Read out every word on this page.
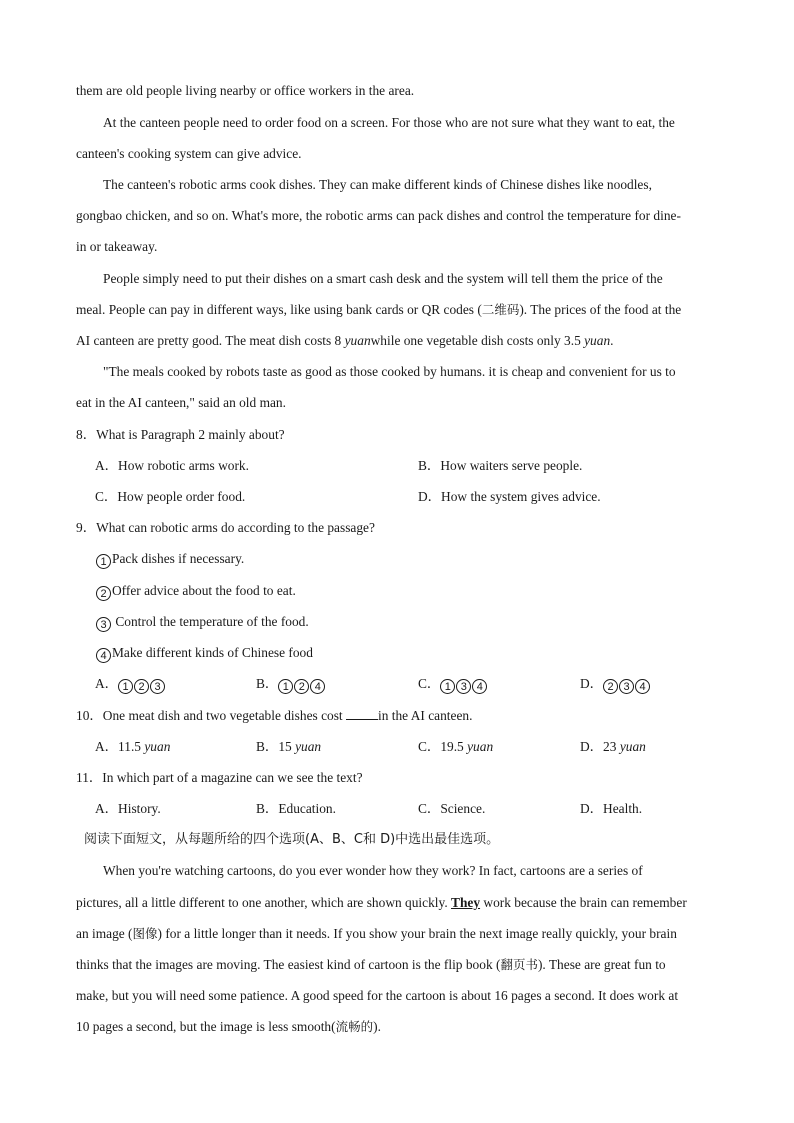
them are old people living nearby or office workers in the area.
At the canteen people need to order food on a screen. For those who are not sure what they want to eat, the
canteen's cooking system can give advice.
The canteen's robotic arms cook dishes. They can make different kinds of Chinese dishes like noodles,
gongbao chicken, and so on. What's more, the robotic arms can pack dishes and control the temperature for dine-
in or takeaway.
People simply need to put their dishes on a smart cash desk and the system will tell them the price of the
meal. People can pay in different ways, like using bank cards or QR codes (二维码). The prices of the food at the
AI canteen are pretty good. The meat dish costs 8 yuanwhile one vegetable dish costs only 3.5 yuan.
"The meals cooked by robots taste as good as those cooked by humans. it is cheap and convenient for us to
eat in the AI canteen," said an old man.
8．What is Paragraph 2 mainly about?
A．How robotic arms work.	B．How waiters serve people.
C．How people order food.	D．How the system gives advice.
9．What can robotic arms do according to the passage?
1 Pack dishes if necessary.
2 Offer advice about the food to eat.
3 Control the temperature of the food.
4 Make different kinds of Chinese food
A． 1 2 3	B． 1 2 4	C． 1 3 4	D． 2 3 4
10．One meat dish and two vegetable dishes cost in the AI canteen.
A．11.5 yuan	B．15 yuan	C．19.5 yuan	D．23 yuan
11．In which part of a magazine can we see the text?
A．History.	B．Education.	C．Science.	D．Health.
阅读下面短文，从每题所给的四个选项(A、B、C和 D)中选出最佳选项。
When you're watching cartoons, do you ever wonder how they work? In fact, cartoons are a series of
pictures, all a little different to one another, which are shown quickly. They work because the brain can remember
an image (图像) for a little longer than it needs. If you show your brain the next image really quickly, your brain
thinks that the images are moving. The easiest kind of cartoon is the flip book (翻页书). These are great fun to
make, but you will need some patience. A good speed for the cartoon is about 16 pages a second. It does work at
10 pages a second, but the image is less smooth(流畅的).
